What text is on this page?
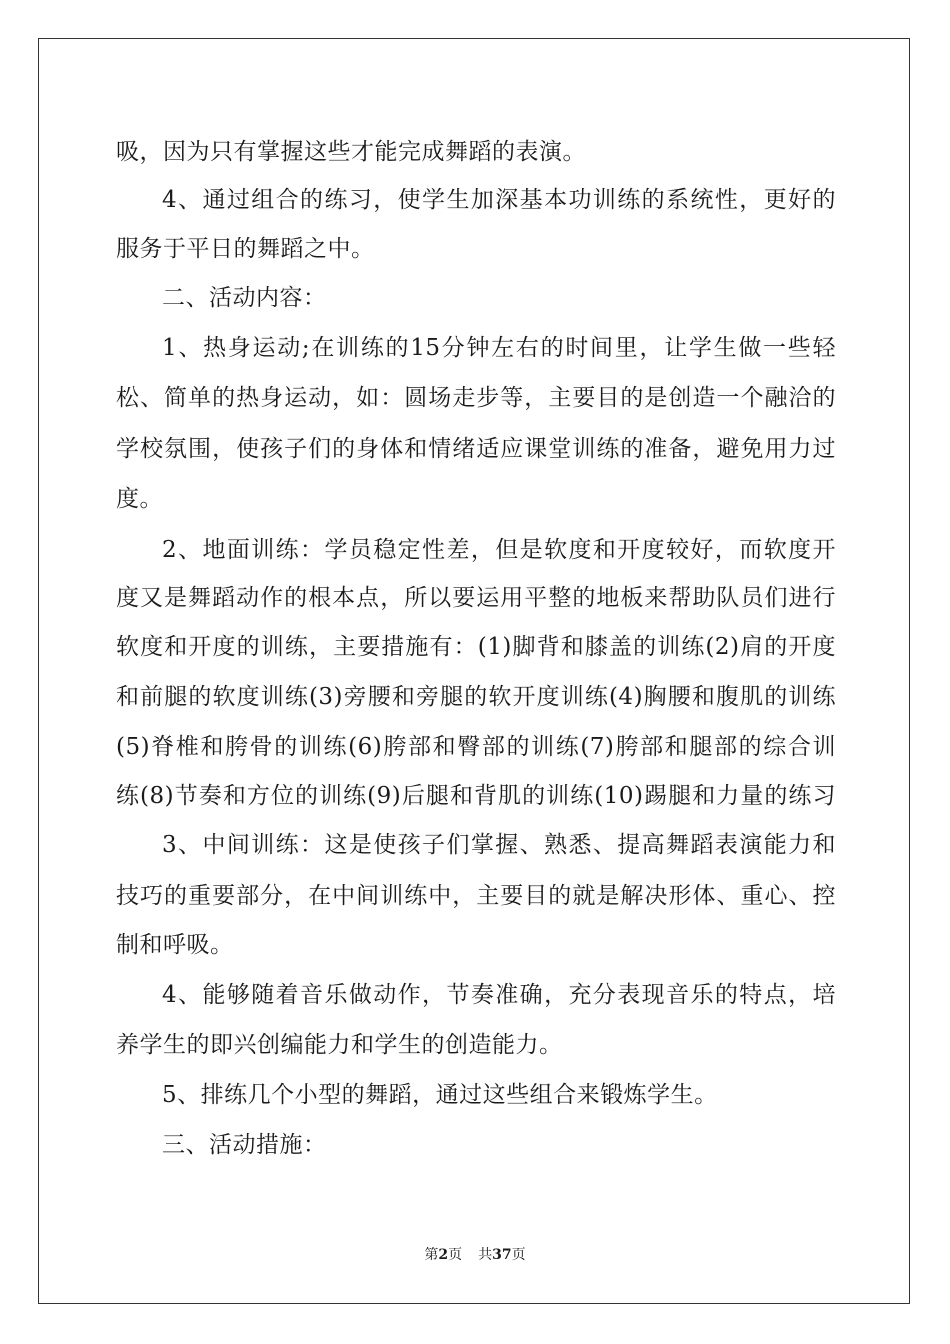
吸，因为只有掌握这些才能完成舞蹈的表演。
4、通过组合的练习，使学生加深基本功训练的系统性，更好的
服务于平日的舞蹈之中。
二、活动内容：
1、热身运动;在训练的15分钟左右的时间里，让学生做一些轻
松、简单的热身运动，如：圆场走步等，主要目的是创造一个融洽的
学校氛围，使孩子们的身体和情绪适应课堂训练的准备，避免用力过
度。
2、地面训练：学员稳定性差，但是软度和开度较好，而软度开
度又是舞蹈动作的根本点，所以要运用平整的地板来帮助队员们进行
软度和开度的训练，主要措施有：(1)脚背和膝盖的训练(2)肩的开度
和前腿的软度训练(3)旁腰和旁腿的软开度训练(4)胸腰和腹肌的训练
(5)脊椎和胯骨的训练(6)胯部和臀部的训练(7)胯部和腿部的综合训
练(8)节奏和方位的训练(9)后腿和背肌的训练(10)踢腿和力量的练习
3、中间训练：这是使孩子们掌握、熟悉、提高舞蹈表演能力和
技巧的重要部分，在中间训练中，主要目的就是解决形体、重心、控
制和呼吸。
4、能够随着音乐做动作，节奏准确，充分表现音乐的特点，培
养学生的即兴创编能力和学生的创造能力。
5、排练几个小型的舞蹈，通过这些组合来锻炼学生。
三、活动措施：
第2页 共37页
